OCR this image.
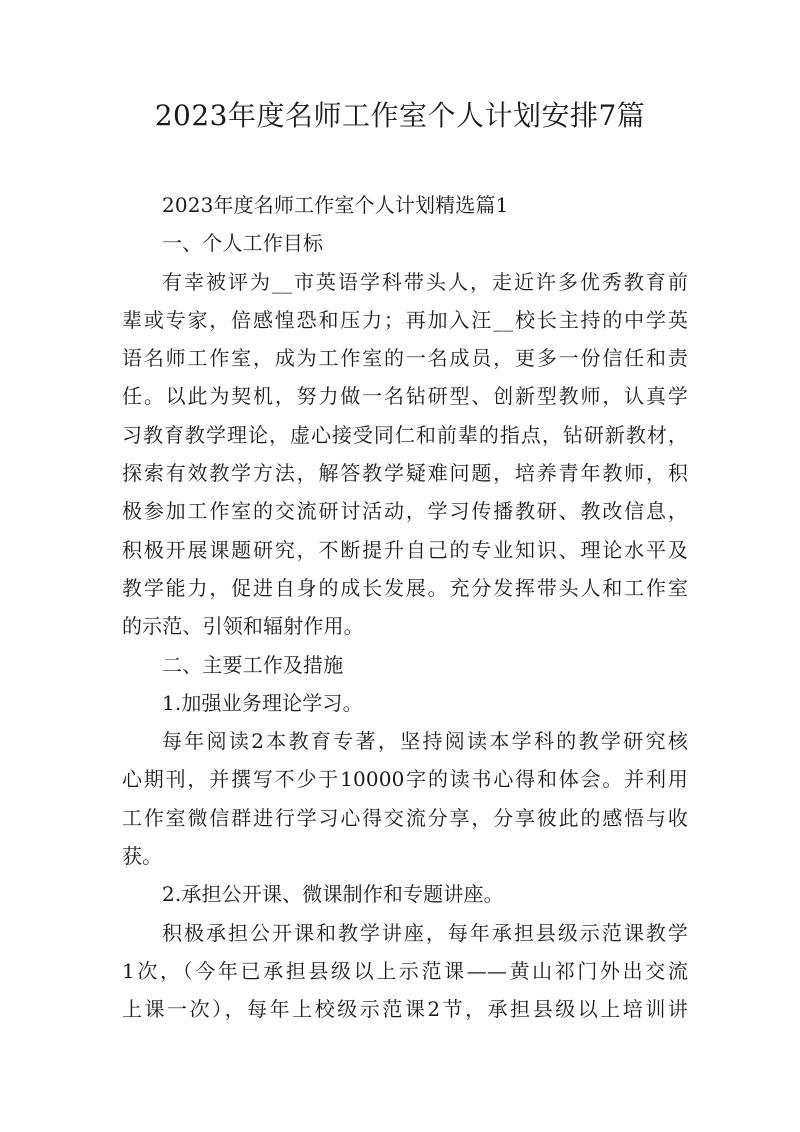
2023年度名师工作室个人计划安排7篇
2023年度名师工作室个人计划精选篇1
一、个人工作目标
有幸被评为__市英语学科带头人，走近许多优秀教育前
辈或专家，倍感惶恐和压力；再加入汪__校长主持的中学英
语名师工作室，成为工作室的一名成员，更多一份信任和责
任。以此为契机，努力做一名钻研型、创新型教师，认真学
习教育教学理论，虚心接受同仁和前辈的指点，钻研新教材，
探索有效教学方法，解答教学疑难问题，培养青年教师，积
极参加工作室的交流研讨活动，学习传播教研、教改信息，
积极开展课题研究，不断提升自己的专业知识、理论水平及
教学能力，促进自身的成长发展。充分发挥带头人和工作室
的示范、引领和辐射作用。
二、主要工作及措施
1.加强业务理论学习。
每年阅读2本教育专著，坚持阅读本学科的教学研究核
心期刊，并撰写不少于10000字的读书心得和体会。并利用
工作室微信群进行学习心得交流分享，分享彼此的感悟与收
获。
2.承担公开课、微课制作和专题讲座。
积极承担公开课和教学讲座，每年承担县级示范课教学
1次，（今年已承担县级以上示范课——黄山祁门外出交流
上课一次），每年上校级示范课2节，承担县级以上培训讲
